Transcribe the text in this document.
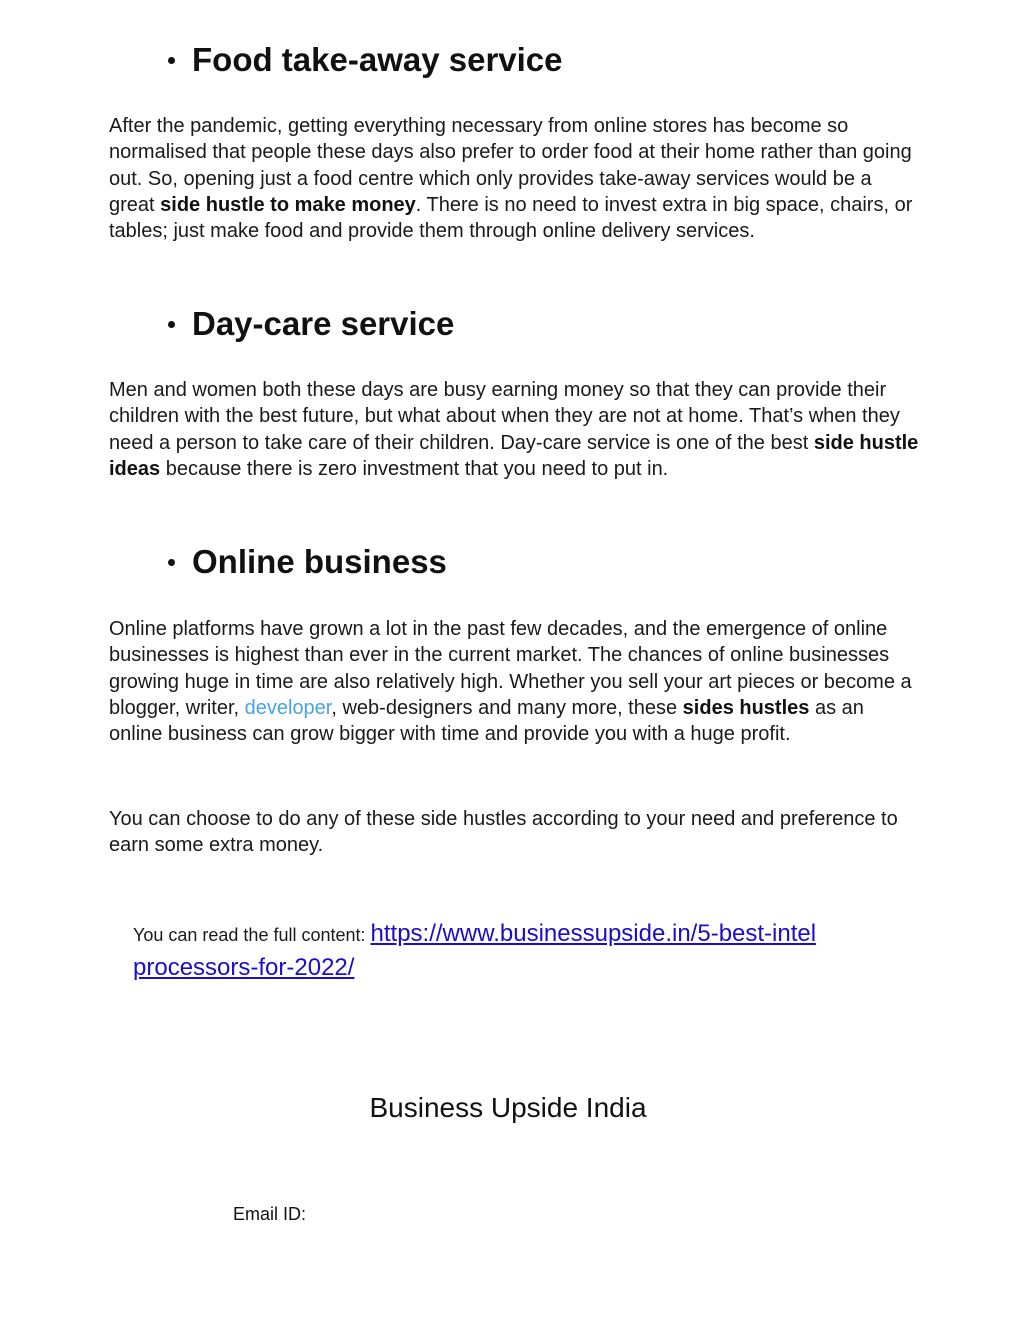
Food take-away service

After the pandemic, getting everything necessary from online stores has become so normalised that people these days also prefer to order food at their home rather than going out. So, opening just a food centre which only provides take-away services would be a great side hustle to make money. There is no need to invest extra in big space, chairs, or tables; just make food and provide them through online delivery services.

Day-care service

Men and women both these days are busy earning money so that they can provide their children with the best future, but what about when they are not at home. That’s when they need a person to take care of their children. Day-care service is one of the best side hustle ideas because there is zero investment that you need to put in.

Online business

Online platforms have grown a lot in the past few decades, and the emergence of online businesses is highest than ever in the current market. The chances of online businesses growing huge in time are also relatively high. Whether you sell your art pieces or become a blogger, writer, developer, web-designers and many more, these sides hustles as an online business can grow bigger with time and provide you with a huge profit.

You can choose to do any of these side hustles according to your need and preference to earn some extra money.

You can read the full content: https://www.businessupside.in/5-best-intel processors-for-2022/

Business Upside India

Email ID:
